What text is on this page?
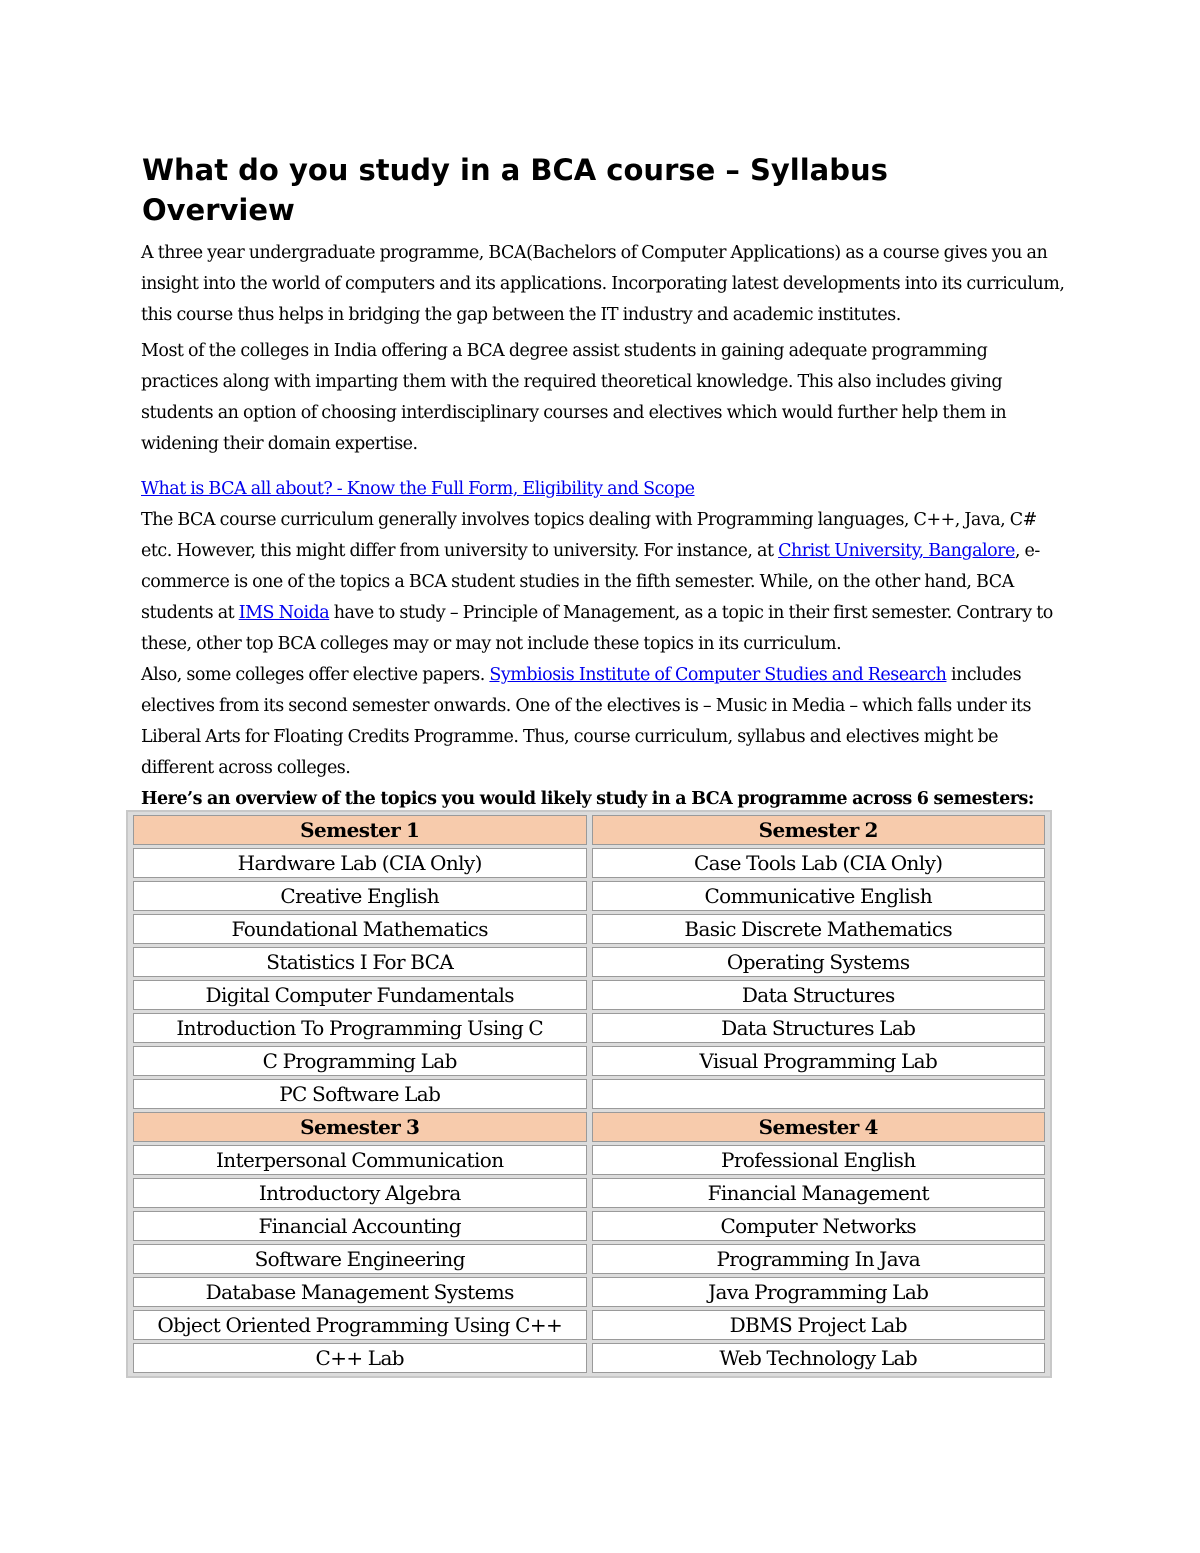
What do you study in a BCA course – Syllabus Overview

A three year undergraduate programme, BCA(Bachelors of Computer Applications) as a course gives you an insight into the world of computers and its applications. Incorporating latest developments into its curriculum, this course thus helps in bridging the gap between the IT industry and academic institutes.

Most of the colleges in India offering a BCA degree assist students in gaining adequate programming practices along with imparting them with the required theoretical knowledge. This also includes giving students an option of choosing interdisciplinary courses and electives which would further help them in widening their domain expertise.

What is BCA all about? - Know the Full Form, Eligibility and Scope
The BCA course curriculum generally involves topics dealing with Programming languages, C++, Java, C# etc. However, this might differ from university to university. For instance, at Christ University, Bangalore, e-commerce is one of the topics a BCA student studies in the fifth semester. While, on the other hand, BCA students at IMS Noida have to study – Principle of Management, as a topic in their first semester. Contrary to these, other top BCA colleges may or may not include these topics in its curriculum.
Also, some colleges offer elective papers. Symbiosis Institute of Computer Studies and Research includes electives from its second semester onwards. One of the electives is – Music in Media – which falls under its Liberal Arts for Floating Credits Programme. Thus, course curriculum, syllabus and electives might be different across colleges.

Here’s an overview of the topics you would likely study in a BCA programme across 6 semesters:

Semester 1	Semester 2
Hardware Lab (CIA Only)	Case Tools Lab (CIA Only)
Creative English	Communicative English
Foundational Mathematics	Basic Discrete Mathematics
Statistics I For BCA	Operating Systems
Digital Computer Fundamentals	Data Structures
Introduction To Programming Using C	Data Structures Lab
C Programming Lab	Visual Programming Lab
PC Software Lab	
Semester 3	Semester 4
Interpersonal Communication	Professional English
Introductory Algebra	Financial Management
Financial Accounting	Computer Networks
Software Engineering	Programming In Java
Database Management Systems	Java Programming Lab
Object Oriented Programming Using C++	DBMS Project Lab
C++ Lab	Web Technology Lab
